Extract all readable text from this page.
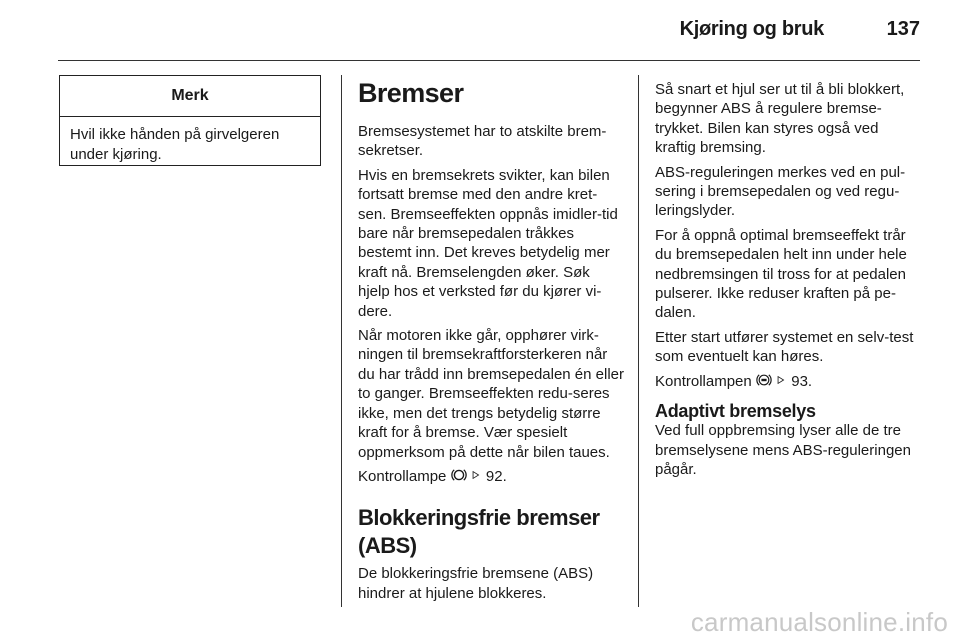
Kjøring og bruk	137
Merk
Hvil ikke hånden på girvelgeren under kjøring.
Bremser

Bremsesystemet har to atskilte brem-sekretser.

Hvis en bremsekrets svikter, kan bilen fortsatt bremse med den andre kret-sen. Bremseeffekten oppnås imidler-tid bare når bremsepedalen tråkkes bestemt inn. Det kreves betydelig mer kraft nå. Bremselengden øker. Søk hjelp hos et verksted før du kjører vi-dere.

Når motoren ikke går, opphører virk-ningen til bremsekraftforsterkeren når du har trådd inn bremsepedalen én eller to ganger. Bremseeffekten redu-seres ikke, men det trengs betydelig større kraft for å bremse. Vær spesielt oppmerksom på dette når bilen taues.

Kontrollampe	92.

Blokkeringsfrie bremser (ABS)

De blokkeringsfrie bremsene (ABS) hindrer at hjulene blokkeres.

Så snart et hjul ser ut til å bli blokkert, begynner ABS å regulere bremse-trykket. Bilen kan styres også ved kraftig bremsing.

ABS-reguleringen merkes ved en pul-sering i bremsepedalen og ved regu-leringslyder.

For å oppnå optimal bremseeffekt trår du bremsepedalen helt inn under hele nedbremsingen til tross for at pedalen pulserer. Ikke reduser kraften på pe-dalen.

Etter start utfører systemet en selv-test som eventuelt kan høres.

Kontrollampen	93.

Adaptivt bremselys

Ved full oppbremsing lyser alle de tre bremselysene mens ABS-reguleringen pågår.

carmanualsonline.info
